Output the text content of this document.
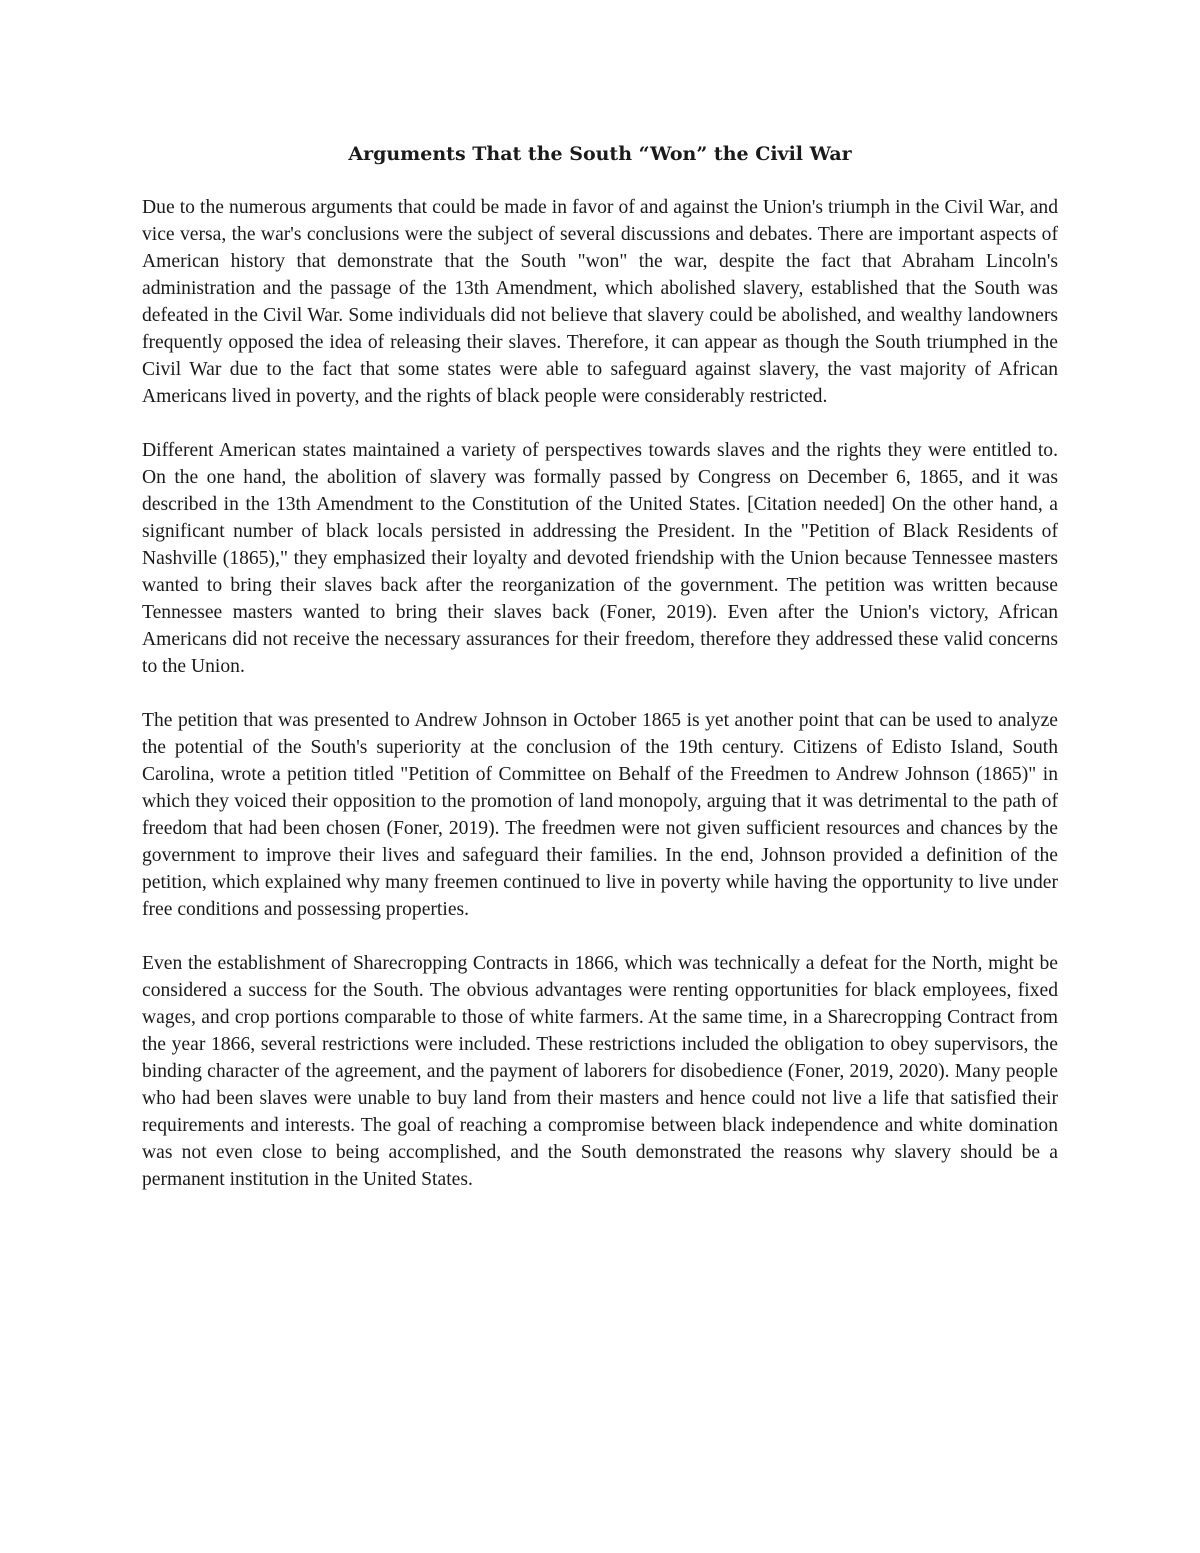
Arguments That the South “Won” the Civil War

Due to the numerous arguments that could be made in favor of and against the Union's triumph in the Civil War, and vice versa, the war's conclusions were the subject of several discussions and debates. There are important aspects of American history that demonstrate that the South "won" the war, despite the fact that Abraham Lincoln's administration and the passage of the 13th Amendment, which abolished slavery, established that the South was defeated in the Civil War. Some individuals did not believe that slavery could be abolished, and wealthy landowners frequently opposed the idea of releasing their slaves. Therefore, it can appear as though the South triumphed in the Civil War due to the fact that some states were able to safeguard against slavery, the vast majority of African Americans lived in poverty, and the rights of black people were considerably restricted.

Different American states maintained a variety of perspectives towards slaves and the rights they were entitled to. On the one hand, the abolition of slavery was formally passed by Congress on December 6, 1865, and it was described in the 13th Amendment to the Constitution of the United States. [Citation needed] On the other hand, a significant number of black locals persisted in addressing the President. In the "Petition of Black Residents of Nashville (1865)," they emphasized their loyalty and devoted friendship with the Union because Tennessee masters wanted to bring their slaves back after the reorganization of the government. The petition was written because Tennessee masters wanted to bring their slaves back (Foner, 2019). Even after the Union's victory, African Americans did not receive the necessary assurances for their freedom, therefore they addressed these valid concerns to the Union.

The petition that was presented to Andrew Johnson in October 1865 is yet another point that can be used to analyze the potential of the South's superiority at the conclusion of the 19th century. Citizens of Edisto Island, South Carolina, wrote a petition titled "Petition of Committee on Behalf of the Freedmen to Andrew Johnson (1865)" in which they voiced their opposition to the promotion of land monopoly, arguing that it was detrimental to the path of freedom that had been chosen (Foner, 2019). The freedmen were not given sufficient resources and chances by the government to improve their lives and safeguard their families. In the end, Johnson provided a definition of the petition, which explained why many freemen continued to live in poverty while having the opportunity to live under free conditions and possessing properties.

Even the establishment of Sharecropping Contracts in 1866, which was technically a defeat for the North, might be considered a success for the South. The obvious advantages were renting opportunities for black employees, fixed wages, and crop portions comparable to those of white farmers. At the same time, in a Sharecropping Contract from the year 1866, several restrictions were included. These restrictions included the obligation to obey supervisors, the binding character of the agreement, and the payment of laborers for disobedience (Foner, 2019, 2020). Many people who had been slaves were unable to buy land from their masters and hence could not live a life that satisfied their requirements and interests. The goal of reaching a compromise between black independence and white domination was not even close to being accomplished, and the South demonstrated the reasons why slavery should be a permanent institution in the United States.
